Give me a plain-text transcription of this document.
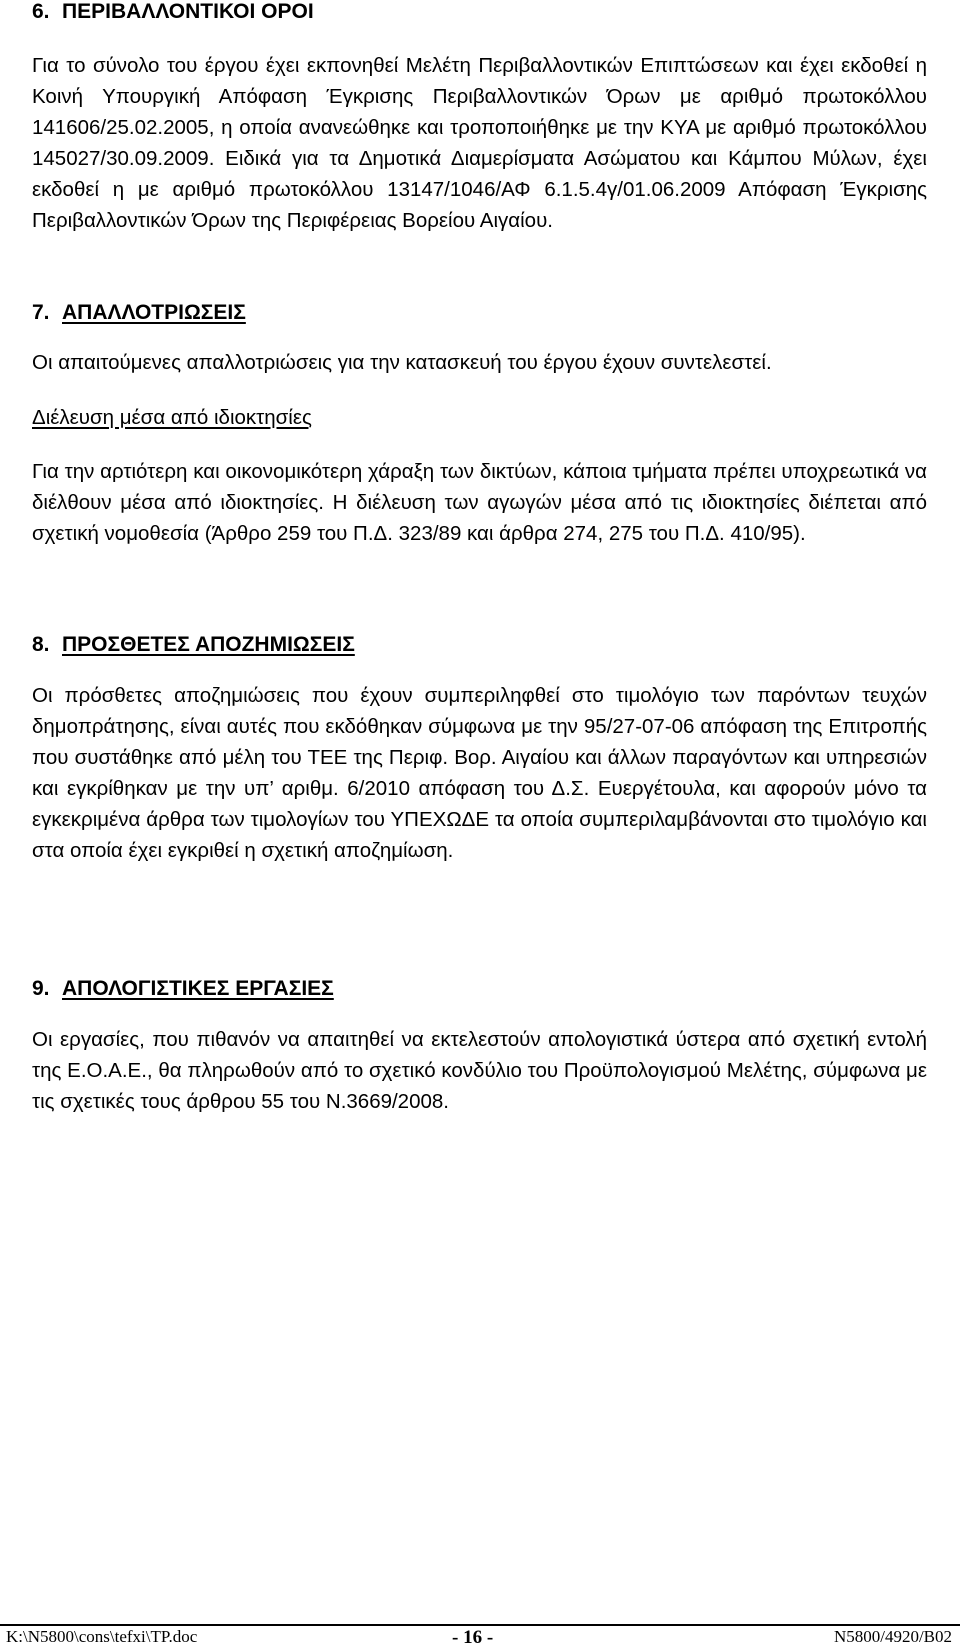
6. ΠΕΡΙΒΑΛΛΟΝΤΙΚΟΙ ΟΡΟΙ

Για το σύνολο του έργου έχει εκπονηθεί Μελέτη Περιβαλλοντικών Επιπτώσεων και έχει εκδοθεί η Κοινή Υπουργική Απόφαση Έγκρισης Περιβαλλοντικών Όρων με αριθμό πρωτοκόλλου 141606/25.02.2005, η οποία ανανεώθηκε και τροποποιήθηκε με την ΚΥΑ με αριθμό πρωτοκόλλου 145027/30.09.2009. Ειδικά για τα Δημοτικά Διαμερίσματα Ασώματου και Κάμπου Μύλων, έχει εκδοθεί η με αριθμό πρωτοκόλλου 13147/1046/ΑΦ 6.1.5.4γ/01.06.2009 Απόφαση Έγκρισης Περιβαλλοντικών Όρων της Περιφέρειας Βορείου Αιγαίου.

7. ΑΠΑΛΛΟΤΡΙΩΣΕΙΣ

Οι απαιτούμενες απαλλοτριώσεις για την κατασκευή του έργου έχουν συντελεστεί.

Διέλευση μέσα από ιδιοκτησίες

Για την αρτιότερη και οικονομικότερη χάραξη των δικτύων, κάποια τμήματα πρέπει υποχρεωτικά να διέλθουν μέσα από ιδιοκτησίες. Η διέλευση των αγωγών μέσα από τις ιδιοκτησίες διέπεται από σχετική νομοθεσία (Άρθρο 259 του Π.Δ. 323/89 και άρθρα 274, 275 του Π.Δ. 410/95).

8. ΠΡΟΣΘΕΤΕΣ ΑΠΟΖΗΜΙΩΣΕΙΣ

Οι πρόσθετες αποζημιώσεις που έχουν συμπεριληφθεί στο τιμολόγιο των παρόντων τευχών δημοπράτησης, είναι αυτές που εκδόθηκαν σύμφωνα με την 95/27-07-06 απόφαση της Επιτροπής που συστάθηκε από μέλη του ΤΕΕ της Περιφ. Βορ. Αιγαίου και άλλων παραγόντων και υπηρεσιών και εγκρίθηκαν με την υπ’ αριθμ. 6/2010 απόφαση του Δ.Σ. Ευεργέτουλα, και αφορούν μόνο τα εγκεκριμένα άρθρα των τιμολογίων του ΥΠΕΧΩΔΕ τα οποία συμπεριλαμβάνονται στο τιμολόγιο και στα οποία έχει εγκριθεί η σχετική αποζημίωση.

9. ΑΠΟΛΟΓΙΣΤΙΚΕΣ ΕΡΓΑΣΙΕΣ

Οι εργασίες, που πιθανόν να απαιτηθεί να εκτελεστούν απολογιστικά ύστερα από σχετική εντολή της Ε.Ο.Α.Ε., θα πληρωθούν από το σχετικό κονδύλιο του Προϋπολογισμού Μελέτης, σύμφωνα με τις σχετικές τους άρθρου 55 του Ν.3669/2008.

K:\N5800\cons\tefxi\TP.doc	- 16 -	N5800/4920/B02
